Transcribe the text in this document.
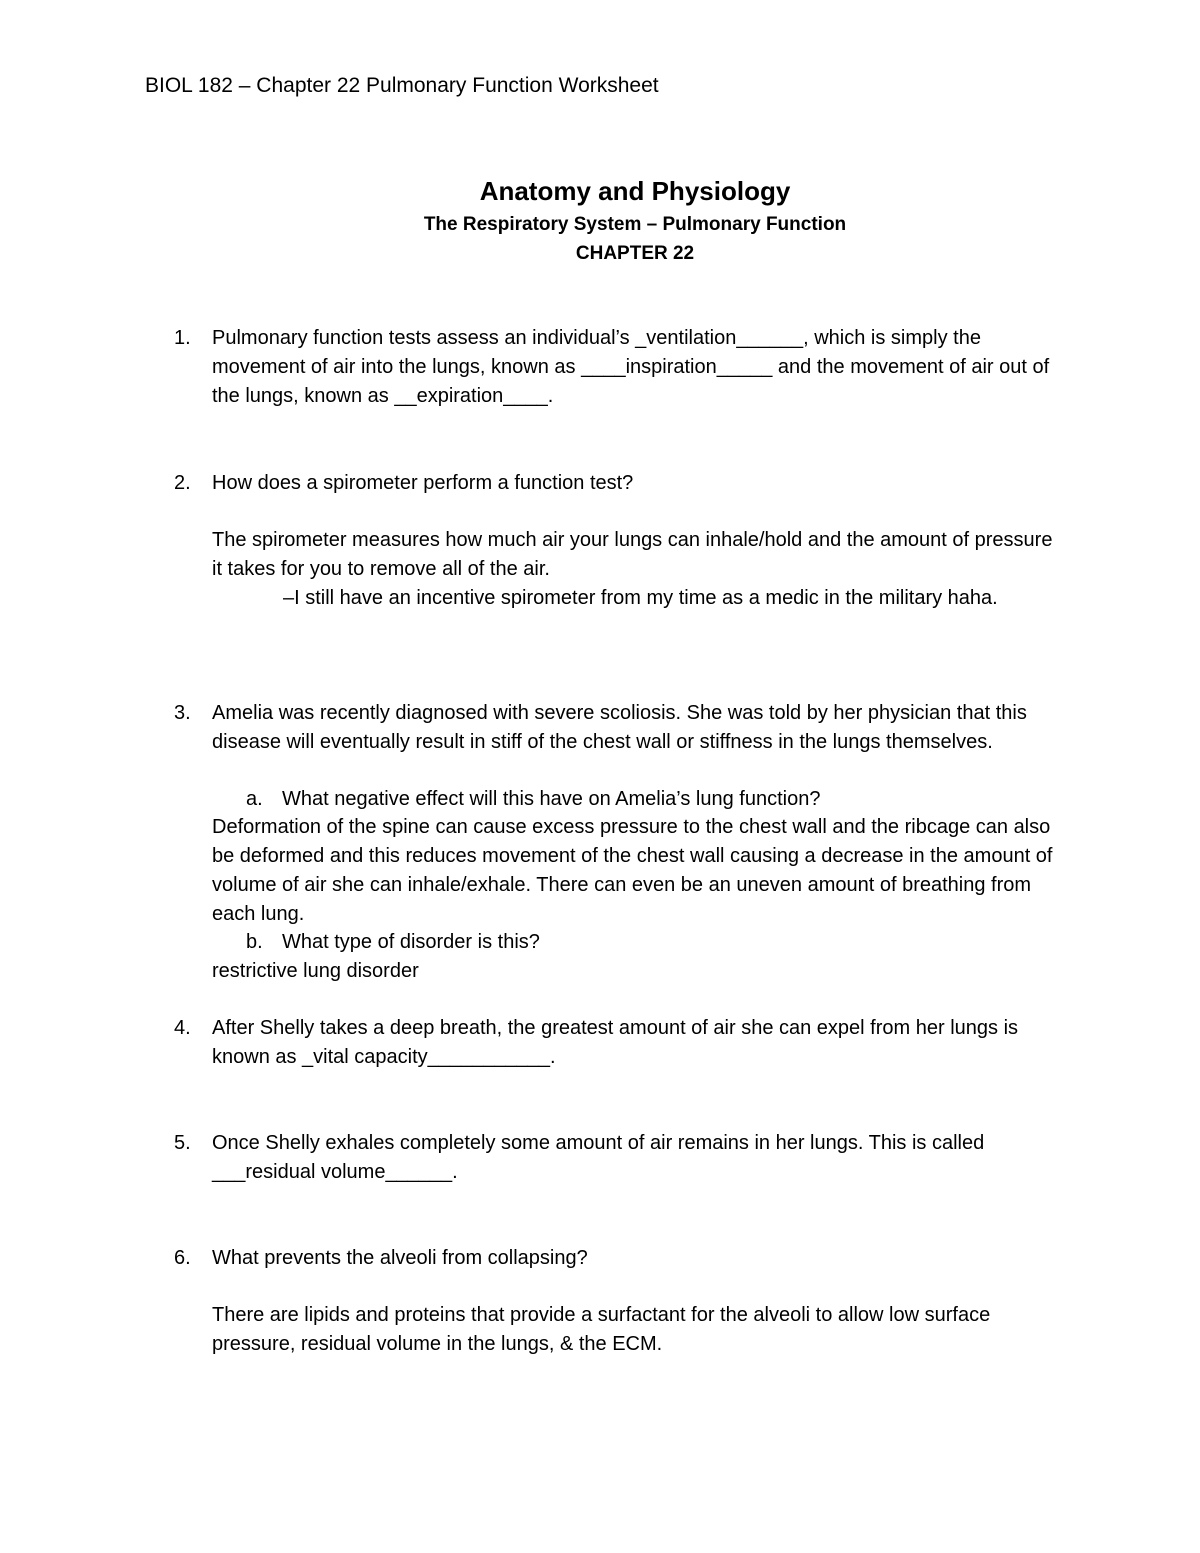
BIOL 182 – Chapter 22 Pulmonary Function Worksheet
Anatomy and Physiology
The Respiratory System – Pulmonary Function
CHAPTER 22
1. Pulmonary function tests assess an individual’s _ventilation______, which is simply the
movement of air into the lungs, known as ____inspiration_____ and the movement of air out of
the lungs, known as __expiration____.
2. How does a spirometer perform a function test?
The spirometer measures how much air your lungs can inhale/hold and the amount of pressure
it takes for you to remove all of the air.
–I still have an incentive spirometer from my time as a medic in the military haha.
3. Amelia was recently diagnosed with severe scoliosis. She was told by her physician that this
disease will eventually result in stiff of the chest wall or stiffness in the lungs themselves.
a. What negative effect will this have on Amelia’s lung function?
Deformation of the spine can cause excess pressure to the chest wall and the ribcage can also
be deformed and this reduces movement of the chest wall causing a decrease in the amount of
volume of air she can inhale/exhale. There can even be an uneven amount of breathing from
each lung.
b. What type of disorder is this?
restrictive lung disorder
4. After Shelly takes a deep breath, the greatest amount of air she can expel from her lungs is
known as _vital capacity___________.
5. Once Shelly exhales completely some amount of air remains in her lungs. This is called
___residual volume______.
6. What prevents the alveoli from collapsing?
There are lipids and proteins that provide a surfactant for the alveoli to allow low surface
pressure, residual volume in the lungs, & the ECM.
